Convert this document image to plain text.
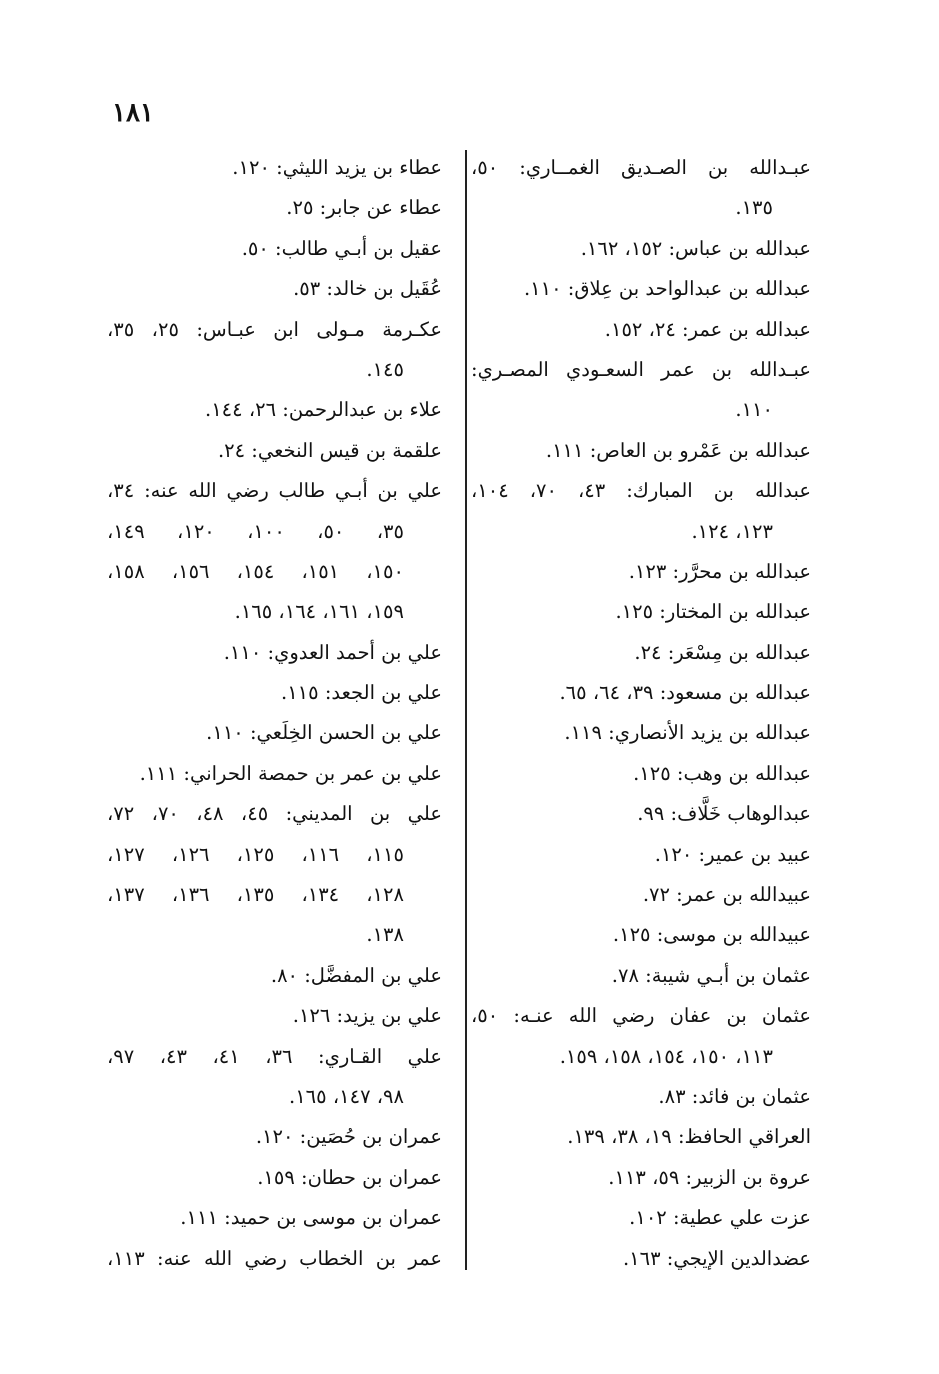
١٨١
عبـدالله بن الصـديق الغمــاري: ٥٠،
١٣٥.
عبدالله بن عباس: ١٥٢، ١٦٢.
عبدالله بن عبدالواحد بن عِلاق: ١١٠.
عبدالله بن عمر: ٢٤، ١٥٢.
عبـدالله بن عمر السعـودي المصـري:
١١٠.
عبدالله بن عَمْرو بن العاص: ١١١.
عبدالله بن المبارك: ٤٣، ٧٠، ١٠٤،
١٢٣، ١٢٤.
عبدالله بن محرَّر: ١٢٣.
عبدالله بن المختار: ١٢٥.
عبدالله بن مِسْعَر: ٢٤.
عبدالله بن مسعود: ٣٩، ٦٤، ٦٥.
عبدالله بن يزيد الأنصاري: ١١٩.
عبدالله بن وهب: ١٢٥.
عبدالوهاب خَلَّاف: ٩٩.
عبيد بن عمير: ١٢٠.
عبيدالله بن عمر: ٧٢.
عبيدالله بن موسى: ١٢٥.
عثمان بن أبـي شيبة: ٧٨.
عثمان بن عفان رضي الله عنـه: ٥٠،
١١٣، ١٥٠، ١٥٤، ١٥٨، ١٥٩.
عثمان بن فائد: ٨٣.
العراقي الحافظ: ١٩، ٣٨، ١٣٩.
عروة بن الزبير: ٥٩، ١١٣.
عزت علي عطية: ١٠٢.
عضدالدين الإيجي: ١٦٣.
عطاء بن يزيد الليثي: ١٢٠.
عطاء عن جابر: ٢٥.
عقيل بن أبـي طالب: ٥٠.
عُقَيل بن خالد: ٥٣.
عكـرمة مـولى ابن عبـاس: ٢٥، ٣٥،
١٤٥.
علاء بن عبدالرحمن: ٢٦، ١٤٤.
علقمة بن قيس النخعي: ٢٤.
علي بن أبـي طالب رضي الله عنه: ٣٤،
٣٥، ٥٠، ١٠٠، ١٢٠، ١٤٩،
١٥٠، ١٥١، ١٥٤، ١٥٦، ١٥٨،
١٥٩، ١٦١، ١٦٤، ١٦٥.
علي بن أحمد العدوي: ١١٠.
علي بن الجعد: ١١٥.
علي بن الحسن الخِلَعي: ١١٠.
علي بن عمر بن حمصة الحراني: ١١١.
علي بن المديني: ٤٥، ٤٨، ٧٠، ٧٢،
١١٥، ١١٦، ١٢٥، ١٢٦، ١٢٧،
١٢٨، ١٣٤، ١٣٥، ١٣٦، ١٣٧،
١٣٨.
علي بن المفضَّل: ٨٠.
علي بن يزيد: ١٢٦.
علي القـاري: ٣٦، ٤١، ٤٣، ٩٧،
٩٨، ١٤٧، ١٦٥.
عمران بن حُصَين: ١٢٠.
عمران بن حطان: ١٥٩.
عمران بن موسى بن حميد: ١١١.
عمر بن الخطاب رضي الله عنه: ١١٣،
